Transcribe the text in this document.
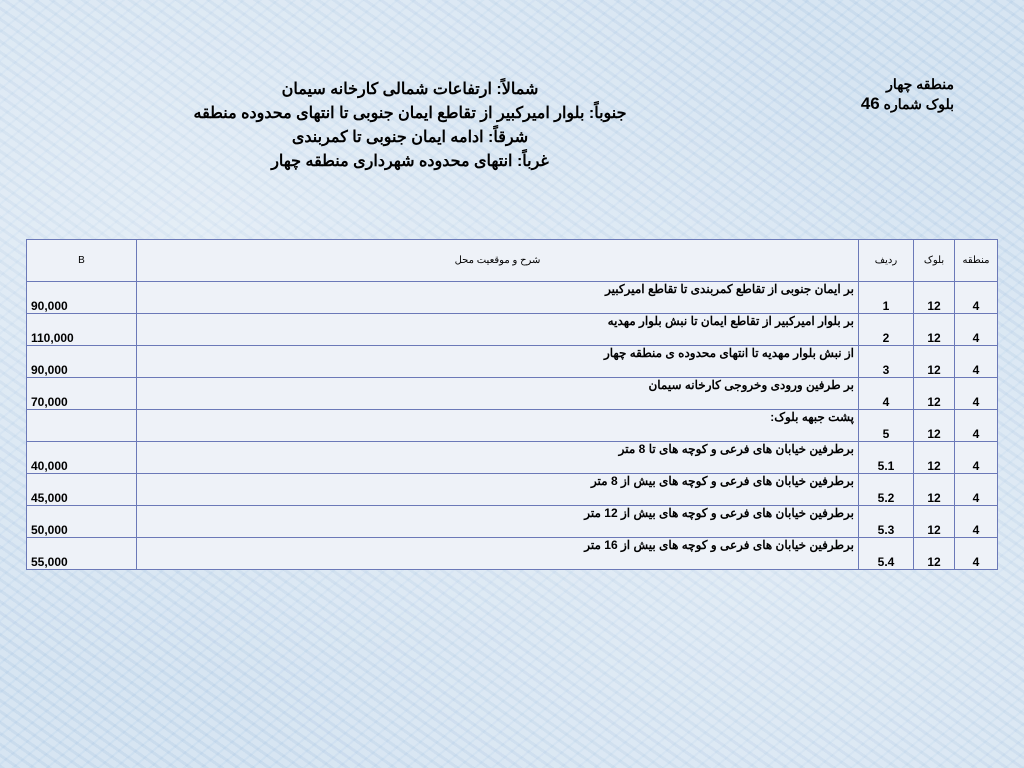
منطقه چهار
بلوک شماره 46
شمالاً: ارتفاعات شمالی کارخانه سیمان
جنوباً: بلوار امیرکبیر از تقاطع ایمان جنوبی تا انتهای محدوده منطقه
شرقاً: ادامه ایمان جنوبی تا کمربندی
غرباً: انتهای محدوده شهرداری منطقه چهار
B	شرح و موقعیت محل	ردیف	بلوک	منطقه
90,000	بر ایمان جنوبی از تقاطع کمربندی تا تقاطع امیرکبیر	1	12	4
110,000	بر بلوار امیرکبیر از تقاطع ایمان تا نبش بلوار مهدیه	2	12	4
90,000	از نبش بلوار مهدیه تا انتهای محدوده ی منطقه چهار	3	12	4
70,000	بر طرفین ورودی وخروجی کارخانه سیمان	4	12	4
	پشت جبهه بلوک:	5	12	4
40,000	برطرفین خیابان های فرعی و کوچه های تا 8 متر	5.1	12	4
45,000	برطرفین خیابان های فرعی و کوچه های بیش از 8 متر	5.2	12	4
50,000	برطرفین خیابان های فرعی و کوچه های بیش از 12 متر	5.3	12	4
55,000	برطرفین خیابان های فرعی و کوچه های بیش از 16 متر	5.4	12	4
